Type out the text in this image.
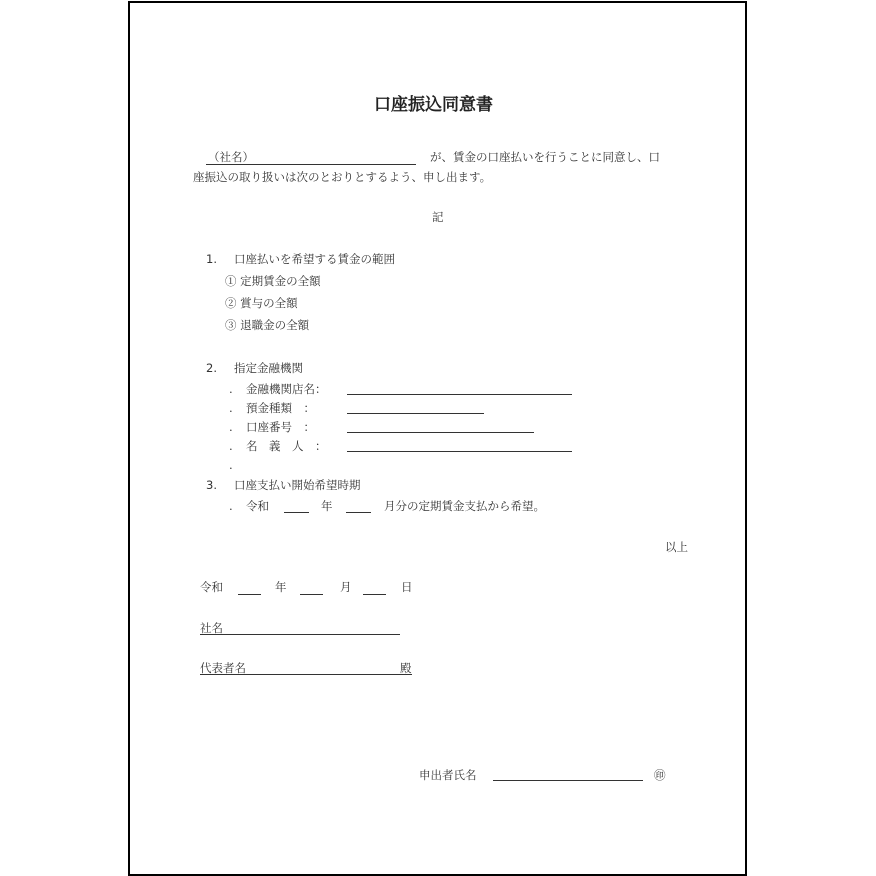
口座振込同意書
（社名）	が、賃金の口座払いを行うことに同意し、口
座振込の取り扱いは次のとおりとするよう、申し出ます。
記
1. 口座払いを希望する賃金の範囲
① 定期賃金の全額
② 賞与の全額
③ 退職金の全額
2. 指定金融機関
. 金融機関店名：
. 預金種類　：
. 口座番号　：
. 名　義　人　：
.
3. 口座支払い開始希望時期
. 令和	年	月分の定期賃金支払から希望。
以上
令和	年	月	日
社名
代表者名	殿
申出者氏名	㊞
